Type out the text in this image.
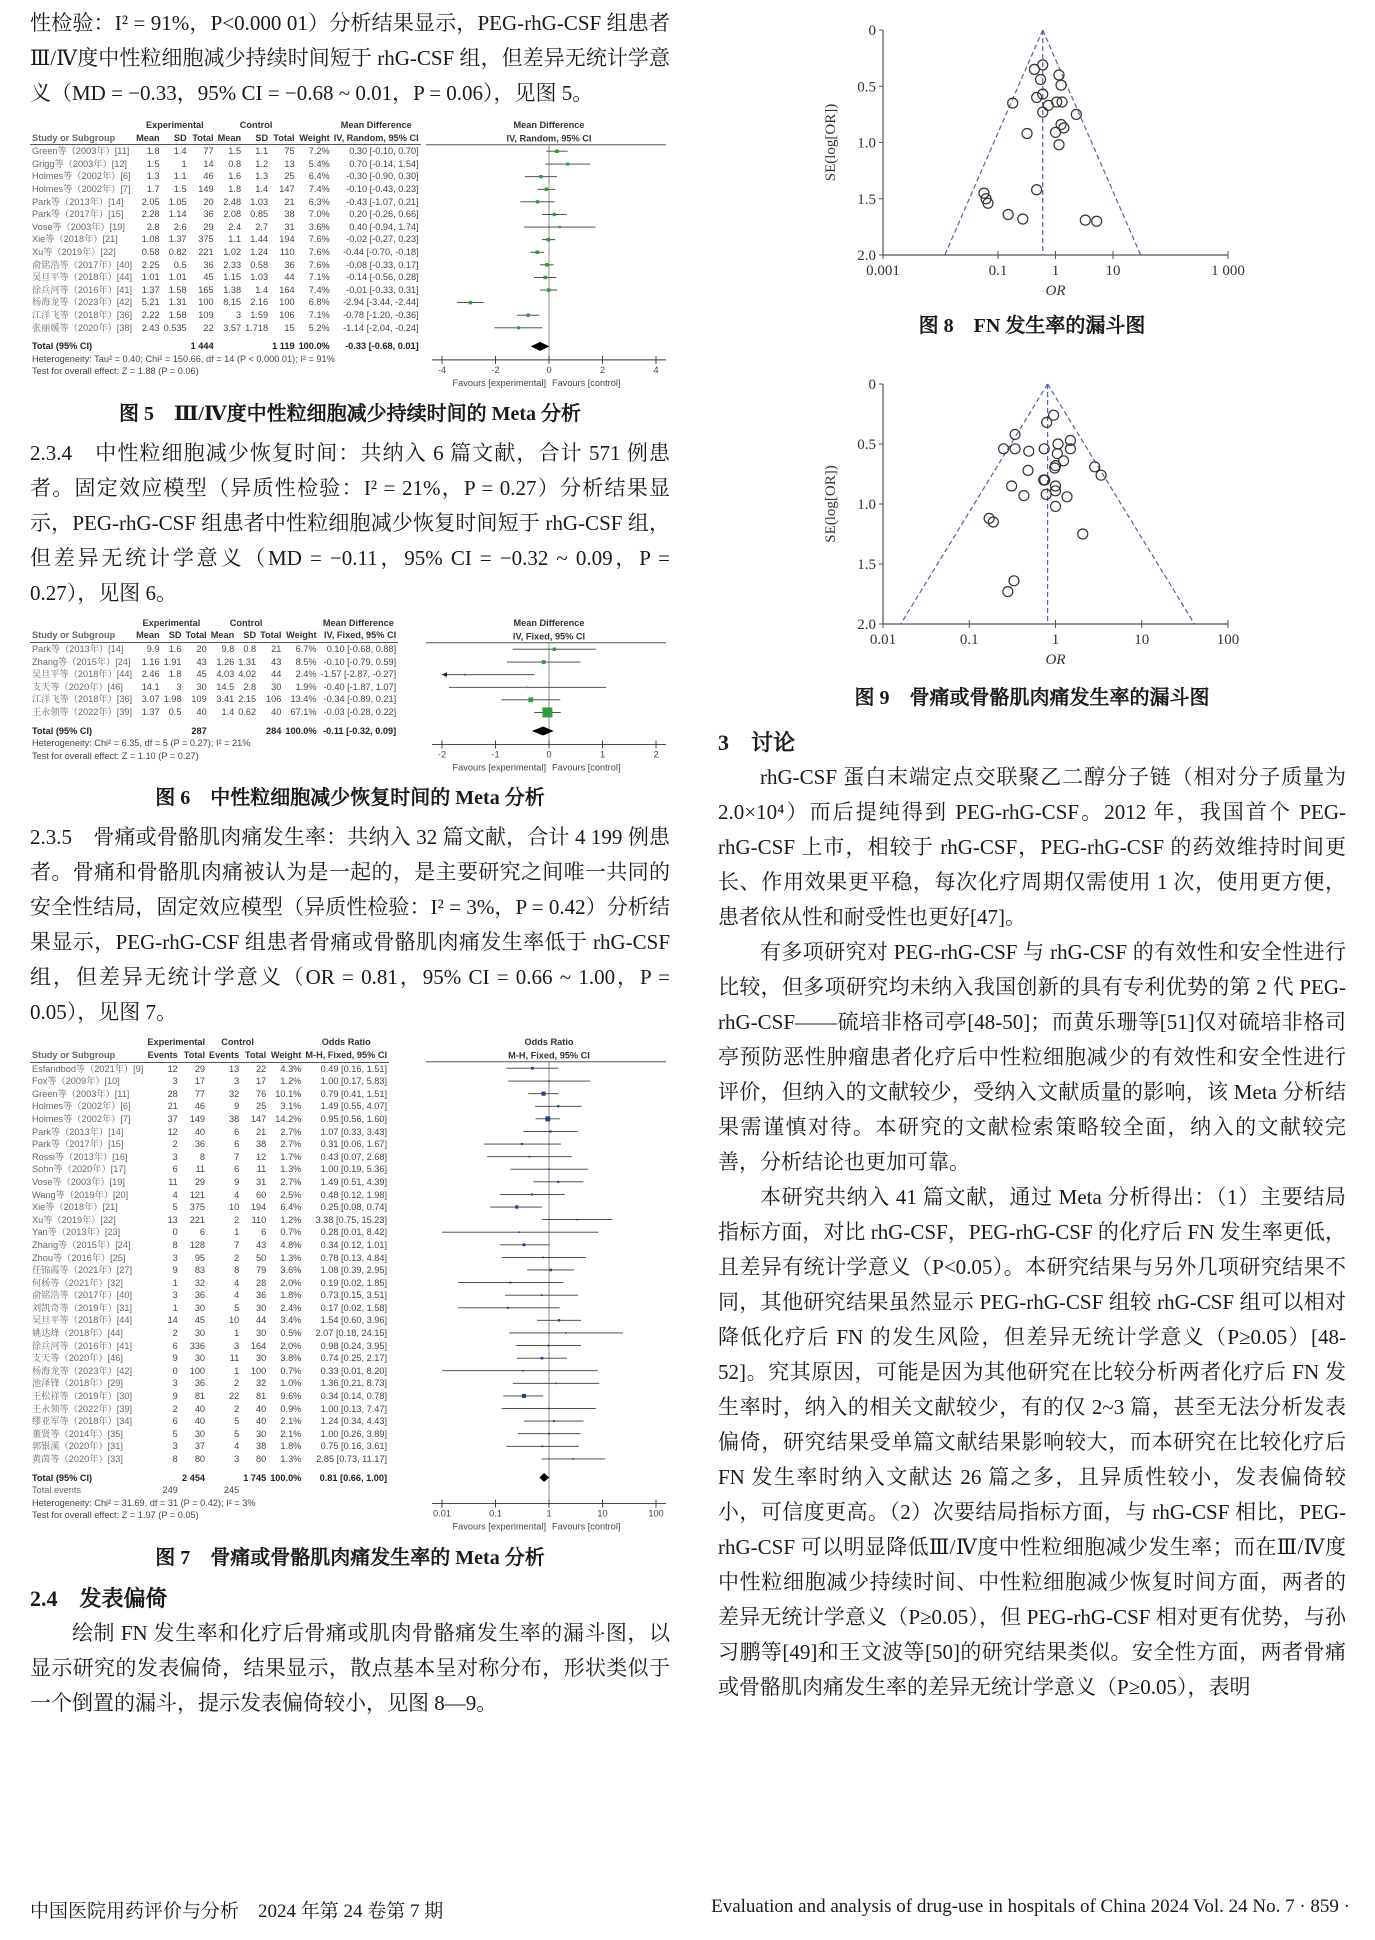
性检验：I² = 91%，P<0.000 01）分析结果显示，PEG-rhG-CSF 组患者Ⅲ/Ⅳ度中性粒细胞减少持续时间短于 rhG-CSF 组，但差异无统计学意义（MD = −0.33，95% CI = −0.68 ~ 0.01，P = 0.06），见图 5。

	Experimental			Control				Mean Difference
Study or Subgroup	Mean	SD	Total	Mean	SD	Total	Weight	IV, Random, 95% CI
Green等（2003年）[11]	1.8	1.4	77	1.5	1.1	75	7.2%	0.30 [-0.10, 0.70]
Grigg等（2003年）[12]	1.5	1	14	0.8	1.2	13	5.4%	0.70 [-0.14, 1.54]
Holmes等（2002年）[6]	1.3	1.1	46	1.6	1.3	25	6.4%	-0.30 [-0.90, 0.30]
Holmes等（2002年）[7]	1.7	1.5	149	1.8	1.4	147	7.4%	-0.10 [-0.43, 0.23]
Park等（2013年）[14]	2.05	1.05	20	2.48	1.03	21	6.3%	-0.43 [-1.07, 0.21]
Park等（2017年）[15]	2.28	1.14	36	2.08	0.85	38	7.0%	0.20 [-0.26, 0.66]
Vose等（2003年）[19]	2.8	2.6	29	2.4	2.7	31	3.6%	0.40 [-0.94, 1.74]
Xie等（2018年）[21]	1.08	1.37	375	1.1	1.44	194	7.6%	-0.02 [-0.27, 0.23]
Xu等（2019年）[22]	0.58	0.82	221	1.02	1.24	110	7.6%	-0.44 [-0.70, -0.18]
俞铭浩等（2017年）[40]	2.25	0.5	36	2.33	0.58	36	7.6%	-0.08 [-0.33, 0.17]
吴旦平等（2018年）[44]	1.01	1.01	45	1.15	1.03	44	7.1%	-0.14 [-0.56, 0.28]
徐兵河等（2016年）[41]	1.37	1.58	165	1.38	1.4	164	7.4%	-0.01 [-0.33, 0.31]
杨海龙等（2023年）[42]	5.21	1.31	100	8.15	2.16	100	6.8%	-2.94 [-3.44, -2.44]
江洋飞等（2018年）[36]	2.22	1.58	109	3	1.59	106	7.1%	-0.78 [-1.20, -0.36]
张丽媛等（2020年）[38]	2.43	0.535	22	3.57	1.718	15	5.2%	-1.14 [-2.04, -0.24]

Total (95% CI)			1 444			1 119	100.0%	-0.33 [-0.68, 0.01]
Heterogeneity: Tau² = 0.40; Chi² = 150.66, df = 14 (P < 0.000 01); I² = 91%								
Test for overall effect: Z = 1.88 (P = 0.06)								
Mean Difference
IV, Random, 95% CI
-4	-2	0	2	4
Favours [experimental] Favours [control]

图 5　Ⅲ/Ⅳ度中性粒细胞减少持续时间的 Meta 分析

2.3.4　中性粒细胞减少恢复时间：共纳入 6 篇文献，合计 571 例患者。固定效应模型（异质性检验：I² = 21%，P = 0.27）分析结果显示，PEG-rhG-CSF 组患者中性粒细胞减少恢复时间短于 rhG-CSF 组，但差异无统计学意义（MD = −0.11，95% CI = −0.32 ~ 0.09，P = 0.27），见图 6。

	Experimental			Control				Mean Difference
Study or Subgroup	Mean	SD	Total	Mean	SD	Total	Weight	IV, Fixed, 95% CI
Park等（2013年）[14]	9.9	1.6	20	9.8	0.8	21	6.7%	0.10 [-0.68, 0.88]
Zhang等（2015年）[24]	1.16	1.91	43	1.26	1.31	43	8.5%	-0.10 [-0.79, 0.59]
吴旦平等（2018年）[44]	2.46	1.8	45	4.03	4.02	44	2.4%	-1.57 [-2.87, -0.27]
支天等（2020年）[46]	14.1	3	30	14.5	2.8	30	1.9%	-0.40 [-1.87, 1.07]
江洋飞等（2018年）[36]	3.07	1.98	109	3.41	2.15	106	13.4%	-0.34 [-0.89, 0.21]
王永领等（2022年）[39]	1.37	0.5	40	1.4	0.62	40	67.1%	-0.03 [-0.28, 0.22]

Total (95% CI)			287			284	100.0%	-0.11 [-0.32, 0.09]
Heterogeneity: Chi² = 6.35, df = 5 (P = 0.27); I² = 21%								
Test for overall effect: Z = 1.10 (P = 0.27)								
Mean Difference
IV, Fixed, 95% CI
-2	-1	0	1	2
Favours [experimental] Favours [control]

图 6　中性粒细胞减少恢复时间的 Meta 分析

2.3.5　骨痛或骨骼肌肉痛发生率：共纳入 32 篇文献，合计 4 199 例患者。骨痛和骨骼肌肉痛被认为是一起的，是主要研究之间唯一共同的安全性结局，固定效应模型（异质性检验：I² = 3%，P = 0.42）分析结果显示，PEG-rhG-CSF 组患者骨痛或骨骼肌肉痛发生率低于 rhG-CSF 组，但差异无统计学意义（OR = 0.81，95% CI = 0.66 ~ 1.00，P = 0.05），见图 7。

	Experimental		Control			Odds Ratio
Study or Subgroup	Events	Total	Events	Total	Weight	M-H, Fixed, 95% CI
Esfandbod等（2021年）[9]	12	29	13	22	4.3%	0.49 [0.16, 1.51]
Fox等（2009年）[10]	3	17	3	17	1.2%	1.00 [0.17, 5.83]
Green等（2003年）[11]	28	77	32	76	10.1%	0.79 [0.41, 1.51]
Holmes等（2002年）[6]	21	46	9	25	3.1%	1.49 [0.55, 4.07]
Holmes等（2002年）[7]	37	149	38	147	14.2%	0.95 [0.56, 1.60]
Park等（2013年）[14]	12	40	6	21	2.7%	1.07 [0.33, 3.43]
Park等（2017年）[15]	2	36	6	38	2.7%	0.31 [0.06, 1.67]
Rossi等（2013年）[16]	3	8	7	12	1.7%	0.43 [0.07, 2.68]
Sohn等（2020年）[17]	6	11	6	11	1.3%	1.00 [0.19, 5.36]
Vose等（2003年）[19]	11	29	9	31	2.7%	1.49 [0.51, 4.39]
Wang等（2019年）[20]	4	121	4	60	2.5%	0.48 [0.12, 1.98]
Xie等（2018年）[21]	5	375	10	194	6.4%	0.25 [0.08, 0.74]
Xu等（2019年）[22]	13	221	2	110	1.2%	3.38 [0.75, 15.23]
Yan等（2013年）[23]	0	6	1	6	0.7%	0.28 [0.01, 8.42]
Zhang等（2015年）[24]	8	128	7	43	4.8%	0.34 [0.12, 1.01]
Zhou等（2016年）[25]	3	95	2	50	1.3%	0.78 [0.13, 4.84]
任锦霞等（2021年）[27]	9	83	8	79	3.6%	1.08 [0.39, 2.95]
何杨等（2021年）[32]	1	32	4	28	2.0%	0.19 [0.02, 1.85]
俞铭浩等（2017年）[40]	3	36	4	36	1.8%	0.73 [0.15, 3.51]
刘凯奇等（2019年）[31]	1	30	5	30	2.4%	0.17 [0.02, 1.58]
吴旦平等（2018年）[44]	14	45	10	44	3.4%	1.54 [0.60, 3.96]
姚达烽（2018年）[44]	2	30	1	30	0.5%	2.07 [0.18, 24.15]
徐兵河等（2016年）[41]	6	336	3	164	2.0%	0.98 [0.24, 3.95]
支天等（2020年）[46]	9	30	11	30	3.8%	0.74 [0.25, 2.17]
杨海龙等（2023年）[42]	0	100	1	100	0.7%	0.33 [0.01, 8.20]
池泽锋（2018年）[29]	3	36	2	32	1.0%	1.36 [0.21, 8.73]
王松祥等（2019年）[30]	9	81	22	81	9.6%	0.34 [0.14, 0.78]
王永领等（2022年）[39]	2	40	2	40	0.9%	1.00 [0.13, 7.47]
缪亚军等（2018年）[34]	6	40	5	40	2.1%	1.24 [0.34, 4.43]
董贤等（2014年）[35]	5	30	5	30	2.1%	1.00 [0.26, 3.89]
郭银溪（2020年）[31]	3	37	4	38	1.8%	0.75 [0.16, 3.61]
黄茵等（2020年）[33]	8	80	3	80	1.3%	2.85 [0.73, 11.17]

Total (95% CI)		2 454		1 745	100.0%	0.81 [0.66, 1.00]
Total events	249		245			
Heterogeneity: Chi² = 31.69, df = 31 (P = 0.42); I² = 3%						
Test for overall effect: Z = 1.97 (P = 0.05)						
Odds Ratio
M-H, Fixed, 95% CI
0.01	0.1	1	10	100
Favours [experimental] Favours [control]

图 7　骨痛或骨骼肌肉痛发生率的 Meta 分析

2.4　发表偏倚

绘制 FN 发生率和化疗后骨痛或肌肉骨骼痛发生率的漏斗图，以显示研究的发表偏倚，结果显示，散点基本呈对称分布，形状类似于一个倒置的漏斗，提示发表偏倚较小，见图 8—9。

0
0.5
1.0
1.5
2.0
0.001	0.1	1	10	1 000
OR
SE(log[OR])

图 8　FN 发生率的漏斗图

0
0.5
1.0
1.5
2.0
0.01	0.1	1	10	100
OR
SE(log[OR])

图 9　骨痛或骨骼肌肉痛发生率的漏斗图

3　讨论

rhG-CSF 蛋白末端定点交联聚乙二醇分子链（相对分子质量为 2.0×10⁴）而后提纯得到 PEG-rhG-CSF。2012 年，我国首个 PEG-rhG-CSF 上市，相较于 rhG-CSF，PEG-rhG-CSF 的药效维持时间更长、作用效果更平稳，每次化疗周期仅需使用 1 次，使用更方便，患者依从性和耐受性也更好[47]。

有多项研究对 PEG-rhG-CSF 与 rhG-CSF 的有效性和安全性进行比较，但多项研究均未纳入我国创新的具有专利优势的第 2 代 PEG-rhG-CSF——硫培非格司亭[48-50]；而黄乐珊等[51]仅对硫培非格司亭预防恶性肿瘤患者化疗后中性粒细胞减少的有效性和安全性进行评价，但纳入的文献较少，受纳入文献质量的影响，该 Meta 分析结果需谨慎对待。本研究的文献检索策略较全面，纳入的文献较完善，分析结论也更加可靠。

本研究共纳入 41 篇文献，通过 Meta 分析得出：（1）主要结局指标方面，对比 rhG-CSF，PEG-rhG-CSF 的化疗后 FN 发生率更低，且差异有统计学意义（P<0.05）。本研究结果与另外几项研究结果不同，其他研究结果虽然显示 PEG-rhG-CSF 组较 rhG-CSF 组可以相对降低化疗后 FN 的发生风险，但差异无统计学意义（P≥0.05）[48-52]。究其原因，可能是因为其他研究在比较分析两者化疗后 FN 发生率时，纳入的相关文献较少，有的仅 2~3 篇，甚至无法分析发表偏倚，研究结果受单篇文献结果影响较大，而本研究在比较化疗后 FN 发生率时纳入文献达 26 篇之多，且异质性较小，发表偏倚较小，可信度更高。（2）次要结局指标方面，与 rhG-CSF 相比，PEG-rhG-CSF 可以明显降低Ⅲ/Ⅳ度中性粒细胞减少发生率；而在Ⅲ/Ⅳ度中性粒细胞减少持续时间、中性粒细胞减少恢复时间方面，两者的差异无统计学意义（P≥0.05），但 PEG-rhG-CSF 相对更有优势，与孙习鹏等[49]和王文波等[50]的研究结果类似。安全性方面，两者骨痛或骨骼肌肉痛发生率的差异无统计学意义（P≥0.05），表明

中国医院用药评价与分析　2024 年第 24 卷第 7 期	Evaluation and analysis of drug-use in hospitals of China 2024 Vol. 24 No. 7 · 859 ·
